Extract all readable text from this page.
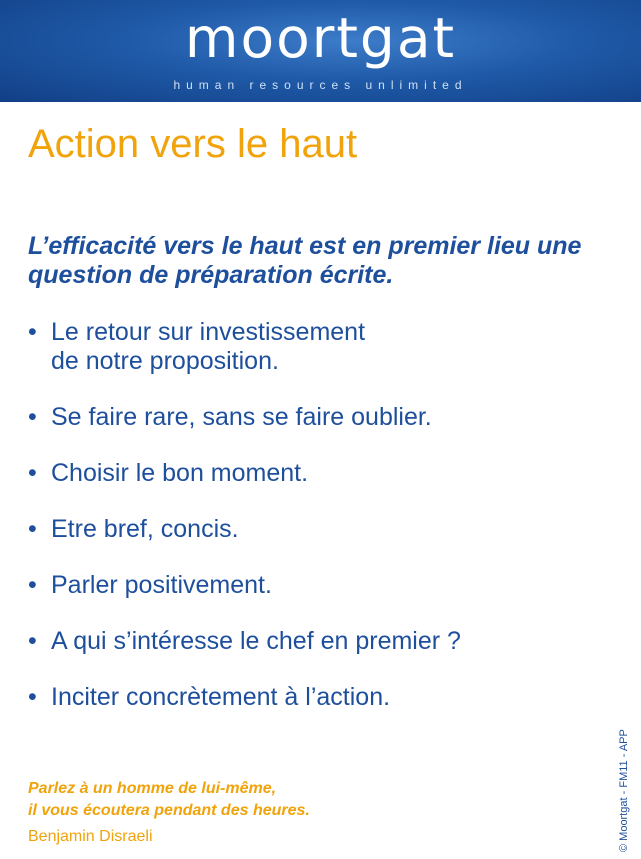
moortgat
human resources unlimited
Action vers le haut
L’efficacité vers le haut est en premier lieu une question de préparation écrite.
• Le retour sur investissement
de notre proposition.
• Se faire rare, sans se faire oublier.
• Choisir le bon moment.
• Etre bref, concis.
• Parler positivement.
• A qui s’intéresse le chef en premier ?
• Inciter concrètement à l’action.
Parlez à un homme de lui-même,
il vous écoutera pendant des heures.
Benjamin Disraeli	© Moortgat - FM11 - APP
